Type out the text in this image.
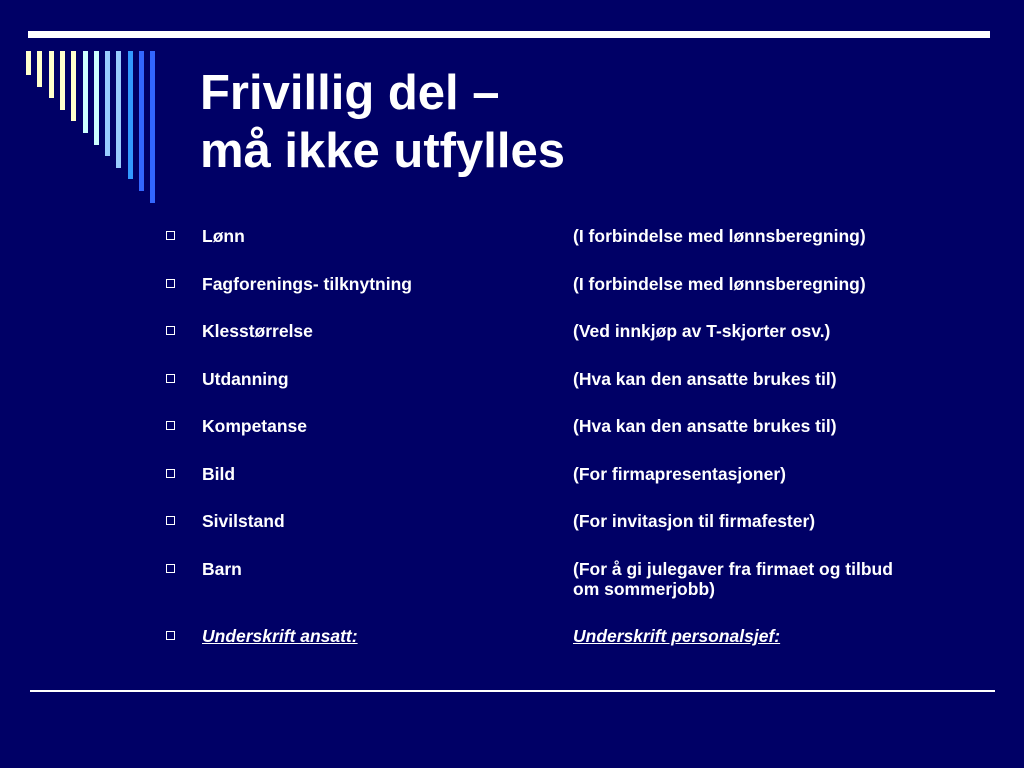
Frivillig del –
må ikke utfylles
Lønn	(I forbindelse med lønnsberegning)
Fagforenings- tilknytning	(I forbindelse med lønnsberegning)
Klesstørrelse	(Ved innkjøp av T-skjorter osv.)
Utdanning	(Hva kan den ansatte brukes til)
Kompetanse	(Hva kan den ansatte brukes til)
Bild	(For firmapresentasjoner)
Sivilstand	(For invitasjon til firmafester)
Barn	(For å gi julegaver fra firmaet og tilbud om sommerjobb)
Underskrift ansatt:	Underskrift personalsjef:
